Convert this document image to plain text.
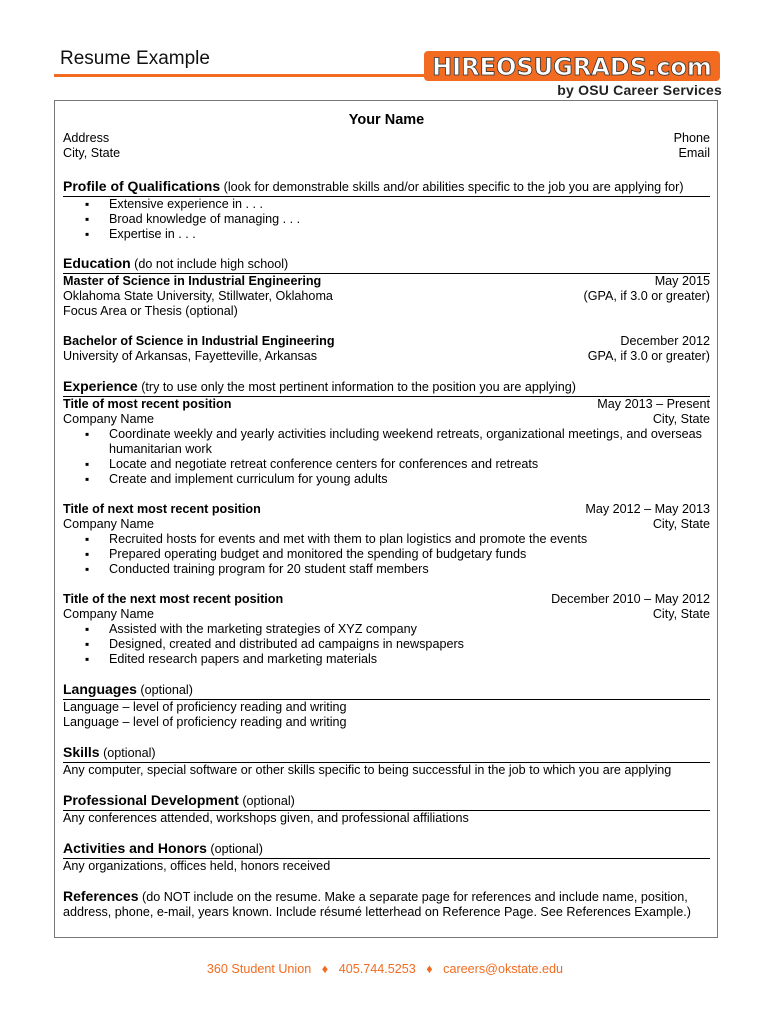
Resume Example	HIREOSUGRADS.com
by OSU Career Services
Your Name
Address	Phone
City, State	Email
Profile of Qualifications (look for demonstrable skills and/or abilities specific to the job you are applying for)
▪ Extensive experience in . . .
▪ Broad knowledge of managing . . .
▪ Expertise in . . .
Education (do not include high school)
Master of Science in Industrial Engineering	May 2015
Oklahoma State University, Stillwater, Oklahoma	(GPA, if 3.0 or greater)
Focus Area or Thesis (optional)
Bachelor of Science in Industrial Engineering	December 2012
University of Arkansas, Fayetteville, Arkansas	GPA, if 3.0 or greater)
Experience (try to use only the most pertinent information to the position you are applying)
Title of most recent position	May 2013 – Present
Company Name	City, State
▪ Coordinate weekly and yearly activities including weekend retreats, organizational meetings, and overseas humanitarian work
▪ Locate and negotiate retreat conference centers for conferences and retreats
▪ Create and implement curriculum for young adults
Title of next most recent position	May 2012 – May 2013
Company Name	City, State
▪ Recruited hosts for events and met with them to plan logistics and promote the events
▪ Prepared operating budget and monitored the spending of budgetary funds
▪ Conducted training program for 20 student staff members
Title of the next most recent position	December 2010 – May 2012
Company Name	City, State
▪ Assisted with the marketing strategies of XYZ company
▪ Designed, created and distributed ad campaigns in newspapers
▪ Edited research papers and marketing materials
Languages (optional)
Language – level of proficiency reading and writing
Language – level of proficiency reading and writing
Skills (optional)
Any computer, special software or other skills specific to being successful in the job to which you are applying
Professional Development (optional)
Any conferences attended, workshops given, and professional affiliations
Activities and Honors (optional)
Any organizations, offices held, honors received
References (do NOT include on the resume. Make a separate page for references and include name, position, address, phone, e-mail, years known. Include résumé letterhead on Reference Page. See References Example.)
360 Student Union ♦ 405.744.5253 ♦ careers@okstate.edu
